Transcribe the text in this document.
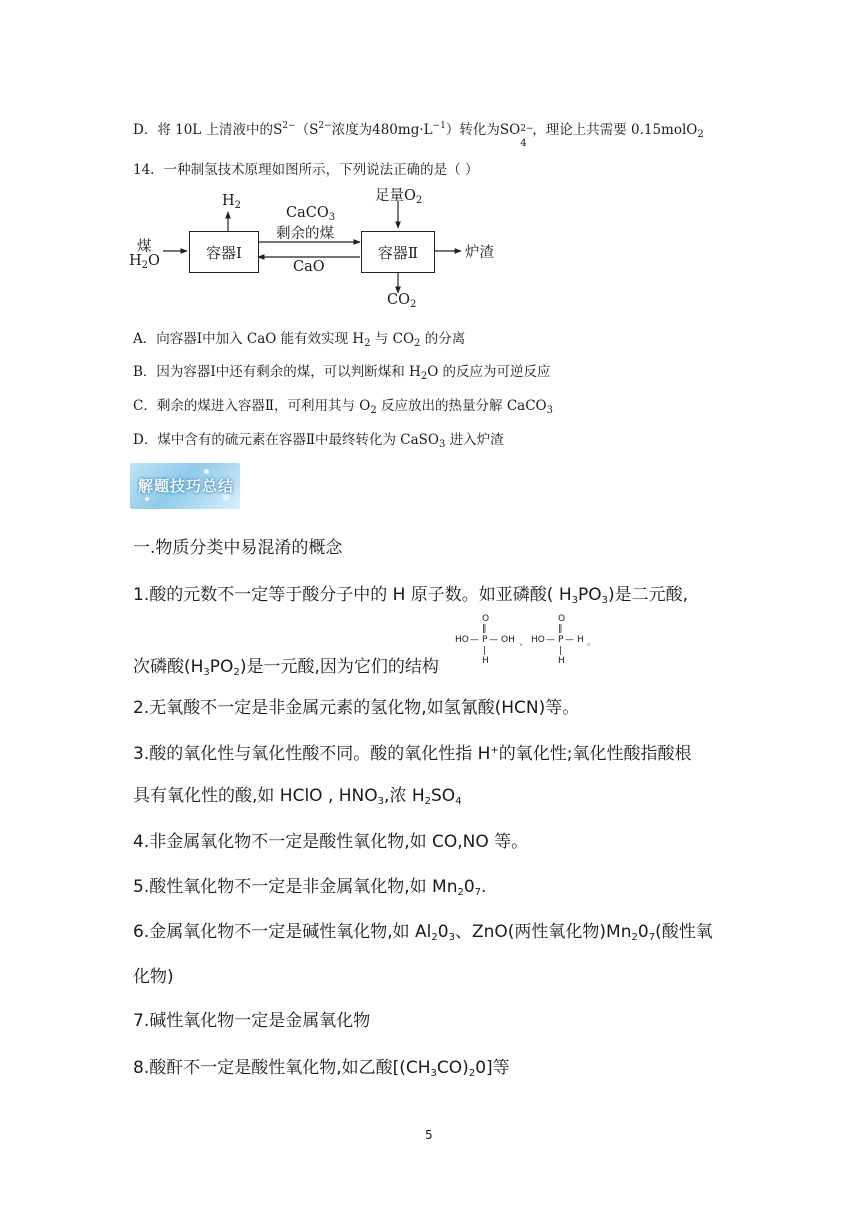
D．将 10L 上清液中的$S^{2-}(S^{2-}$浓度为$480mg\cdot L^{-1}$）转化为SO 2−
4
，理论上共需要 0.15molO$_2$
14．一种制氢技术原理如图所示，下列说法正确的是（ ）
容器Ⅰ	容器Ⅱ
$H_2$
煤
$H_2O$
CaCO$_3$
剩余的煤
CaO
足量$O_2$
炉渣
$CO_2$
A．向容器Ⅰ中加入 CaO 能有效实现 $H_2$ 与 $CO_2$ 的分离
B．因为容器Ⅰ中还有剩余的煤，可以判断煤和 $H_2O$ 的反应为可逆反应
C．剩余的煤进入容器Ⅱ，可利用其与 $O_2$ 反应放出的热量分解 CaCO$_3$
D．煤中含有的硫元素在容器Ⅱ中最终转化为 CaSO$_3$ 进入炉渣
解题技巧总结
一.物质分类中易混淆的概念
1.酸的元数不一定等于酸分子中的 H 原子数。如亚磷酸( $H_3PO_3$)是二元酸,
次磷酸$(H_3PO_2)$是一元酸,因为它们的结构
HO — P — OH
O
‖
|
H
、 HO — P — H
O
‖
|
H
。
2.无氧酸不一定是非金属元素的氢化物,如氢氰酸(HCN)等。
3.酸的氧化性与氧化性酸不同。酸的氧化性指 H+的氧化性;氧化性酸指酸根
具有氧化性的酸,如 HClO , $HNO_3$,浓 $H_2SO_4$
4.非金属氧化物不一定是酸性氧化物,如 CO,NO 等。
5.酸性氧化物不一定是非金属氧化物,如 $Mn_20_7$.
6.金属氧化物不一定是碱性氧化物,如 $Al_20_3$、ZnO(两性氧化物)$Mn_20_7$(酸性氧
化物)
7.碱性氧化物一定是金属氧化物
8.酸酐不一定是酸性氧化物,如乙酸$[(CH_3CO)_20]$等
5
